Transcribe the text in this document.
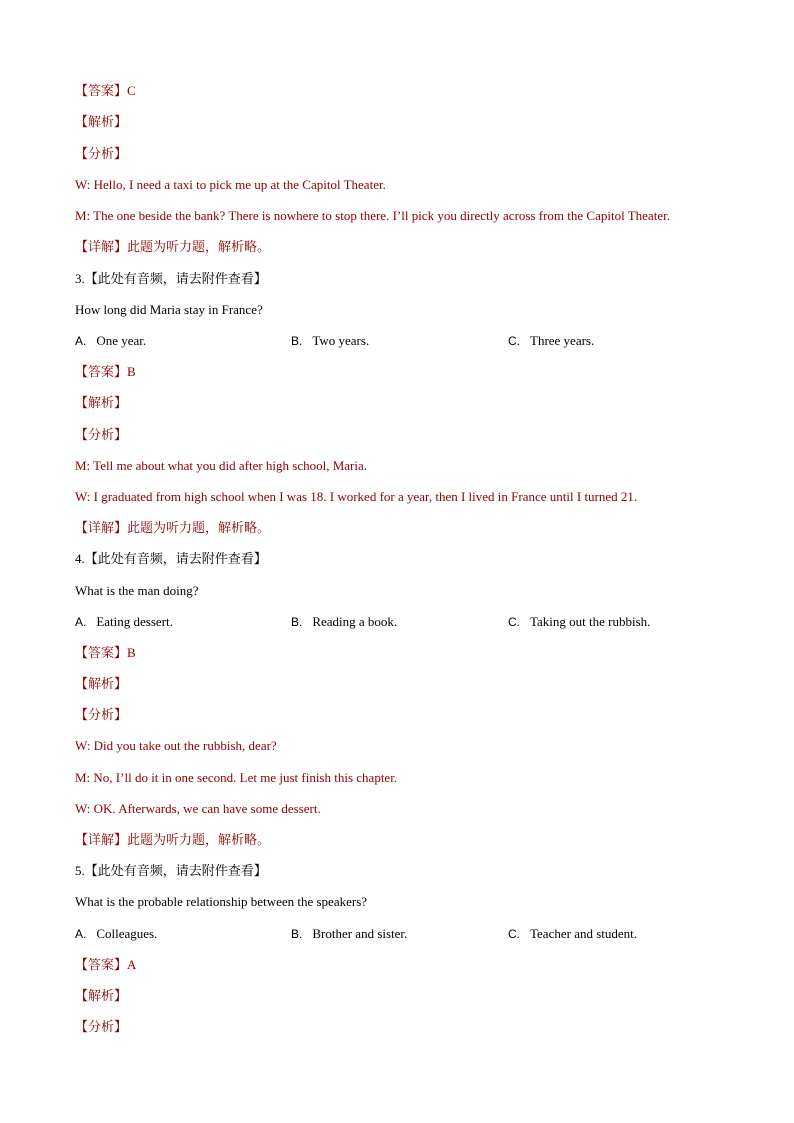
【答案】C
【解析】
【分析】
W: Hello, I need a taxi to pick me up at the Capitol Theater.
M: The one beside the bank? There is nowhere to stop there. I’ll pick you directly across from the Capitol Theater.
【详解】此题为听力题，解析略。
3.【此处有音频，请去附件查看】
How long did Maria stay in France?
A. One year.	B. Two years.	C. Three years.
【答案】B
【解析】
【分析】
M: Tell me about what you did after high school, Maria.
W: I graduated from high school when I was 18. I worked for a year, then I lived in France until I turned 21.
【详解】此题为听力题，解析略。
4.【此处有音频，请去附件查看】
What is the man doing?
A. Eating dessert.	B. Reading a book.	C. Taking out the rubbish.
【答案】B
【解析】
【分析】
W: Did you take out the rubbish, dear?
M: No, I’ll do it in one second. Let me just finish this chapter.
W: OK. Afterwards, we can have some dessert.
【详解】此题为听力题，解析略。
5.【此处有音频，请去附件查看】
What is the probable relationship between the speakers?
A. Colleagues.	B. Brother and sister.	C. Teacher and student.
【答案】A
【解析】
【分析】
